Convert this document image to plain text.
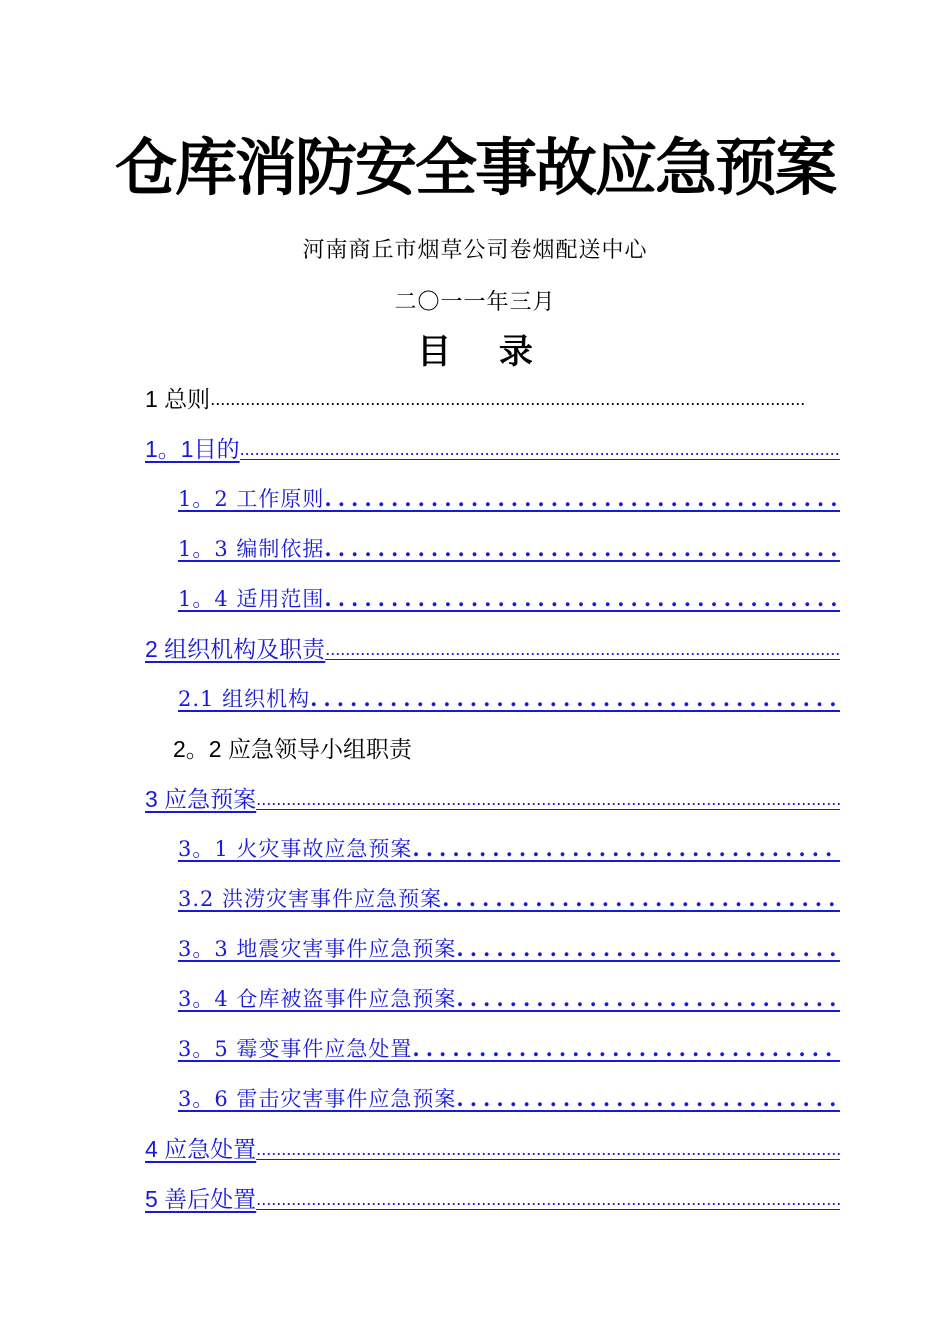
仓库消防安全事故应急预案
河南商丘市烟草公司卷烟配送中心
二〇一一年三月
目 录
1 总则
.....
1。1目的
.....
1。2 工作原则
.....
1。3 编制依据
.....
1。4 适用范围
.....
2 组织机构及职责
.....
2.1 组织机构
.....
2。2 应急领导小组职责
3 应急预案
.....
3。1 火灾事故应急预案
.....
3.2 洪涝灾害事件应急预案
.....
3。3 地震灾害事件应急预案
.....
3。4 仓库被盗事件应急预案
.....
3。5 霉变事件应急处置
.....
3。6 雷击灾害事件应急预案
.....
4 应急处置
.....
5 善后处置
.....
